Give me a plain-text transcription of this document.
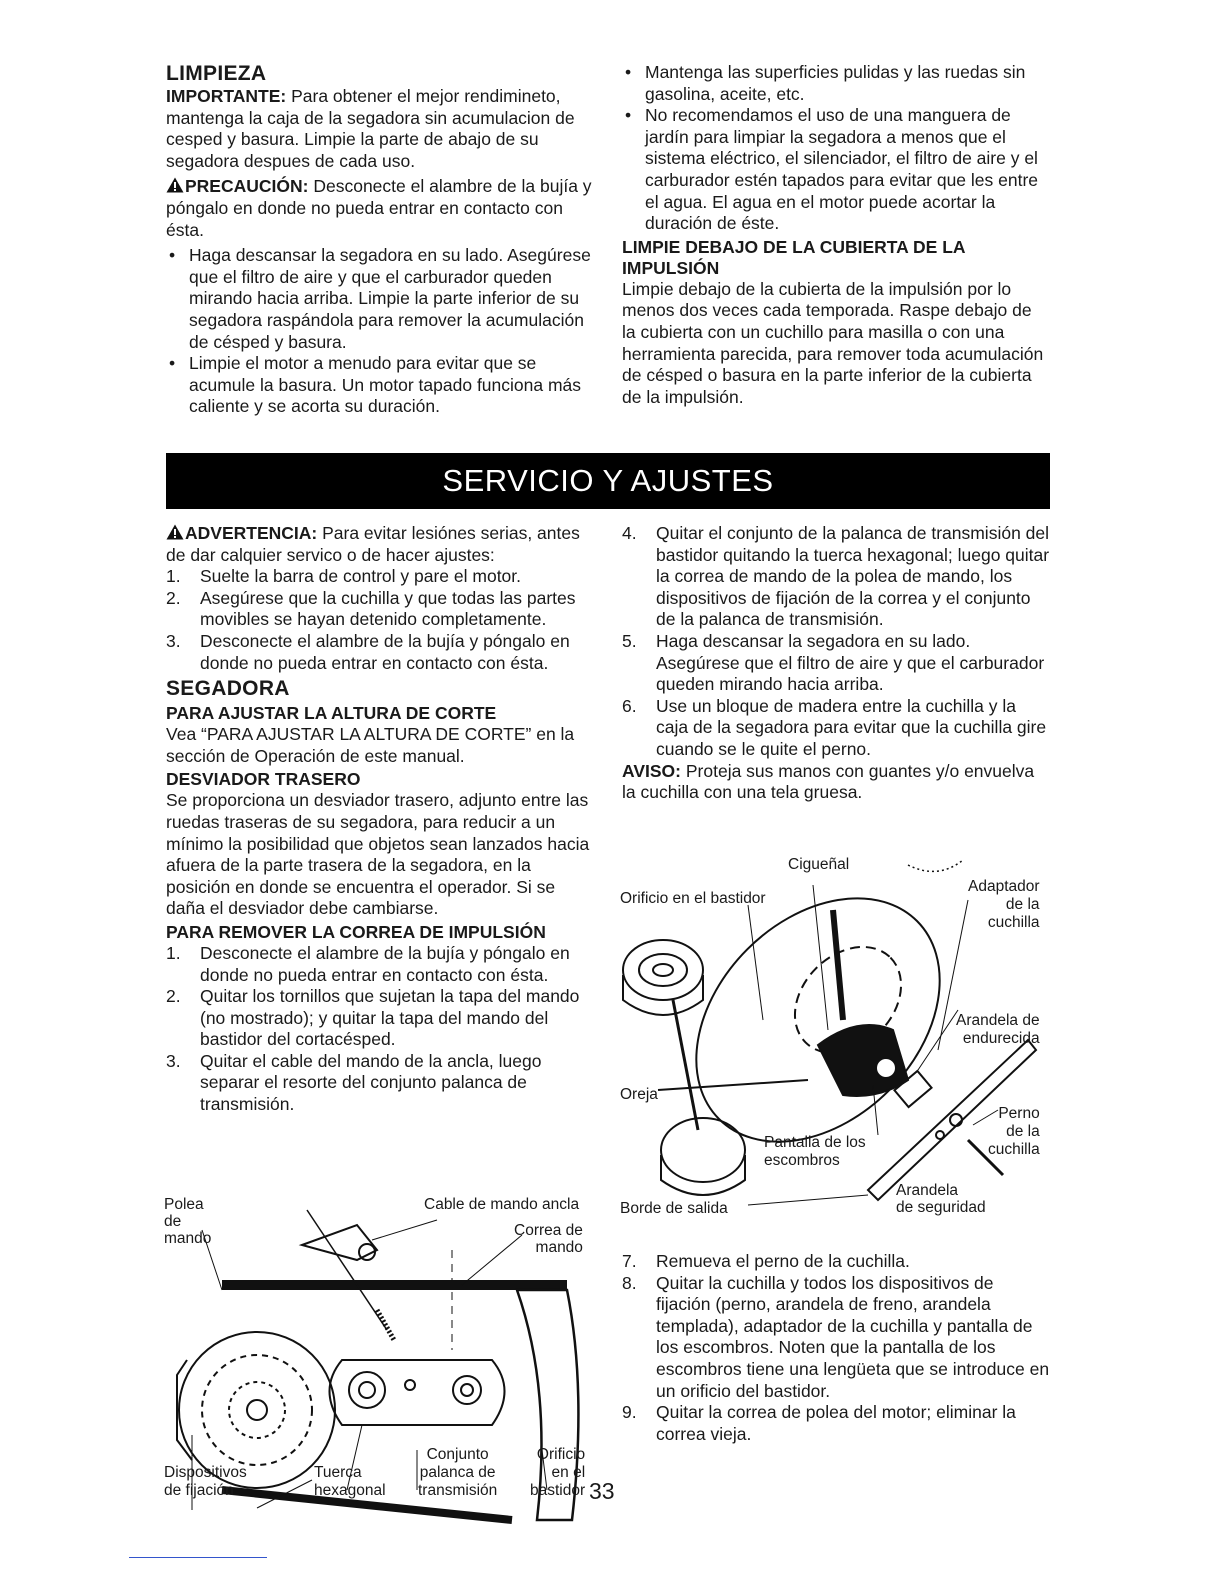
LIMPIEZA

IMPORTANTE: Para obtener el mejor rendimineto, mantenga la caja de la segadora sin acumulacion de cesped y basura. Limpie la parte de abajo de su segadora despues de cada uso.

PRECAUCIÓN: Desconecte el alambre de la bujía y póngalo en donde no pueda entrar en contacto con ésta.

• Haga descansar la segadora en su lado. Asegúrese que el filtro de aire y que el carburador queden mirando hacia arriba. Limpie la parte inferior de su segadora raspándola para remover la acumulación de césped y basura.
• Limpie el motor a menudo para evitar que se acumule la basura. Un motor tapado funciona más caliente y se acorta su duración.
• Mantenga las superficies pulidas y las ruedas sin gasolina, aceite, etc.
• No recomendamos el uso de una manguera de jardín para limpiar la segadora a menos que el sistema eléctrico, el silenciador, el filtro de aire y el carburador estén tapados para evitar que les entre el agua. El agua en el motor puede acortar la duración de éste.
LIMPIE DEBAJO DE LA CUBIERTA DE LA IMPULSIÓN

Limpie debajo de la cubierta de la impulsión por lo menos dos veces cada temporada. Raspe debajo de la cubierta con un cuchillo para masilla o con una herramienta parecida, para remover toda acumulación de césped o basura en la parte inferior de la cubierta de la impulsión.

SERVICIO Y AJUSTES

ADVERTENCIA: Para evitar lesiónes serias, antes de dar calquier servico o de hacer ajustes:

1. Suelte la barra de control y pare el motor.
2. Asegúrese que la cuchilla y que todas las partes movibles se hayan detenido completamente.
3. Desconecte el alambre de la bujía y póngalo en donde no pueda entrar en contacto con ésta.
SEGADORA
PARA AJUSTAR LA ALTURA DE CORTE

Vea “PARA AJUSTAR LA ALTURA DE CORTE” en la sección de Operación de este manual.

DESVIADOR TRASERO

Se proporciona un desviador trasero, adjunto entre las ruedas traseras de su segadora, para reducir a un mínimo la posibilidad que objetos sean lanzados hacia afuera de la parte trasera de la segadora, en la posición en donde se encuentra el operador. Si se daña el desviador debe cambiarse.

PARA REMOVER LA CORREA DE IMPULSIÓN
1. Desconecte el alambre de la bujía y póngalo en donde no pueda entrar en contacto con ésta.
2. Quitar los tornillos que sujetan la tapa del mando (no mostrado); y quitar la tapa del mando del bastidor del cortacésped.
3. Quitar el cable del mando de la ancla, luego separar el resorte del conjunto palanca de transmisión.
Polea
de
mando
Cable de mando ancla
Correa de
mando
Dispositivos
de fijación
Tuerca
hexagonal
Conjunto
palanca de
transmisión
Orificio
en el
bastidor
4. Quitar el conjunto de la palanca de transmisión del bastidor quitando la tuerca hexagonal; luego quitar la correa de mando de la polea de mando, los dispositivos de fijación de la correa y el conjunto de la palanca de transmisión.
5. Haga descansar la segadora en su lado. Asegúrese que el filtro de aire y que el carburador queden mirando hacia arriba.
6. Use un bloque de madera entre la cuchilla y la caja de la segadora para evitar que la cuchilla gire cuando se le quite el perno.

AVISO: Proteja sus manos con guantes y/o envuelva la cuchilla con una tela gruesa.

Cigueñal
Orificio en el bastidor
Adaptador
de la
cuchilla
Arandela de
endurecida
Oreja
Perno
de la
cuchilla
Pantalla de los
escombros
Arandela
de seguridad
Borde de salida
7. Remueva el perno de la cuchilla.
8. Quitar la cuchilla y todos los dispositivos de fijación (perno, arandela de freno, arandela templada), adaptador de la cuchilla y pantalla de los escombros. Noten que la pantalla de los escombros tiene una lengüeta que se introduce en un orificio del bastidor.
9. Quitar la correa de polea del motor; eliminar la correa vieja.
33
